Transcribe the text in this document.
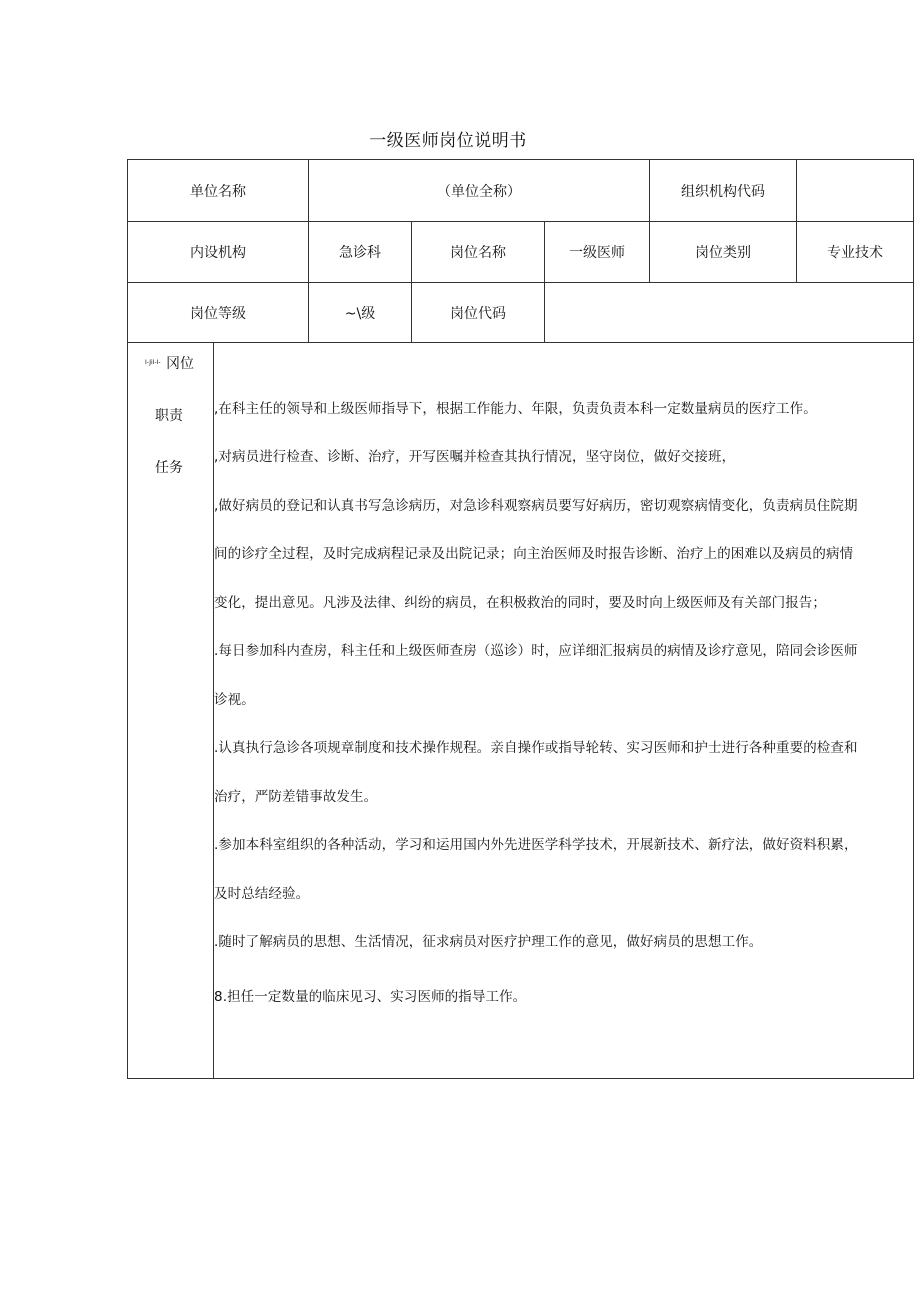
一级医师岗位说明书
单位名称	（单位全称）	组织机构代码
内设机构	急诊科	岗位名称	一级医师	岗位类别	专业技术
岗位等级	~\级	岗位代码
I-JiI-I- 冈位
职责
任务
,在科主任的领导和上级医师指导下，根据工作能力、年限，负责负责本科一定数量病员的医疗工作。
,对病员进行检查、诊断、治疗，开写医嘱并检查其执行情况，坚守岗位，做好交接班，
,做好病员的登记和认真书写急诊病历，对急诊科观察病员要写好病历，密切观察病情变化，负责病员住院期
间的诊疗全过程，及时完成病程记录及出院记录；向主治医师及时报告诊断、治疗上的困难以及病员的病情
变化，提出意见。凡涉及法律、纠纷的病员，在积极救治的同时，要及时向上级医师及有关部门报告；
.每日参加科内查房，科主任和上级医师查房（巡诊）时，应详细汇报病员的病情及诊疗意见，陪同会诊医师
诊视。
.认真执行急诊各项规章制度和技术操作规程。亲自操作或指导轮转、实习医师和护士进行各种重要的检查和
治疗，严防差错事故发生。
.参加本科室组织的各种活动，学习和运用国内外先进医学科学技术，开展新技术、新疗法，做好资料积累，
及时总结经验。
.随时了解病员的思想、生活情况，征求病员对医疗护理工作的意见，做好病员的思想工作。
8.担任一定数量的临床见习、实习医师的指导工作。
